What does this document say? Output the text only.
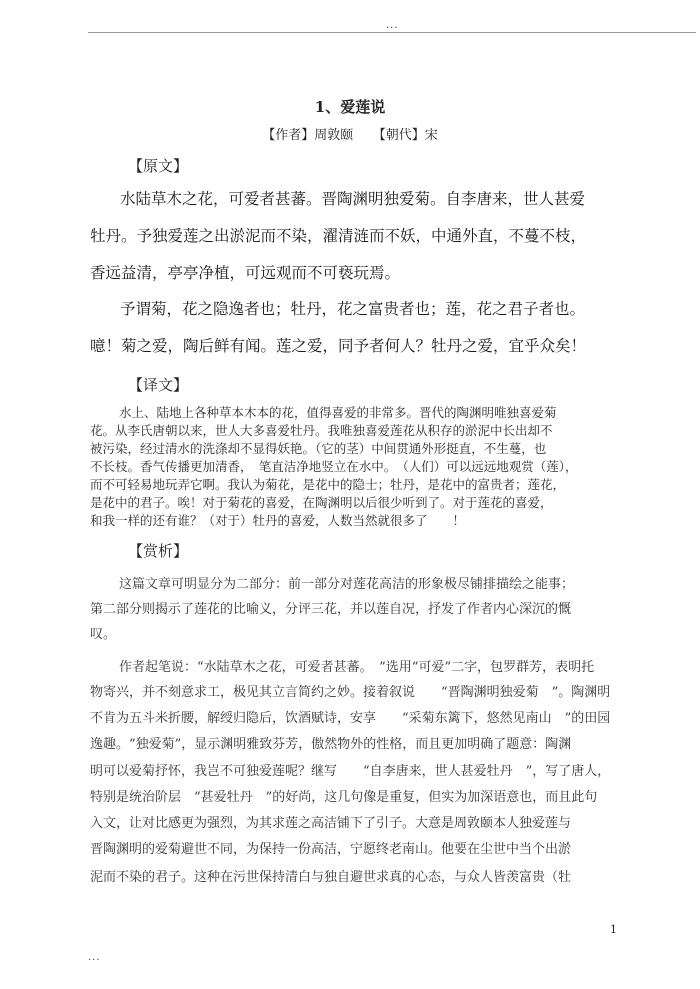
...
1、爱莲说
【作者】周敦颐　　【朝代】宋
【原文】
水陆草木之花，可爱者甚蕃。晋陶渊明独爱菊。自李唐来，世人甚爱
牡丹。予独爱莲之出淤泥而不染，濯清涟而不妖，中通外直，不蔓不枝，
香远益清，亭亭净植，可远观而不可亵玩焉。
予谓菊，花之隐逸者也；牡丹，花之富贵者也；莲，花之君子者也。
噫！菊之爱，陶后鲜有闻。莲之爱，同予者何人？牡丹之爱，宜乎众矣！
【译文】
水上、陆地上各种草本木本的花，值得喜爱的非常多。晋代的陶渊明唯独喜爱菊
花。从李氏唐朝以来，世人大多喜爱牡丹。我唯独喜爱莲花从积存的淤泥中长出却不
被污染，经过清水的洗涤却不显得妖艳。（它的茎）中间贯通外形挺直，不生蔓，也
不长枝。香气传播更加清香，　笔直洁净地竖立在水中。　（人们）可以远远地观赏（莲），
而不可轻易地玩弄它啊。我认为菊花，是花中的隐士；牡丹，是花中的富贵者；莲花，
是花中的君子。唉！对于菊花的喜爱，在陶渊明以后很少听到了。对于莲花的喜爱，
和我一样的还有谁？（对于）牡丹的喜爱，人数当然就很多了　　！
【赏析】
这篇文章可明显分为二部分：前一部分对莲花高洁的形象极尽铺排描绘之能事；
第二部分则揭示了莲花的比喻义，分评三花，并以莲自况，抒发了作者内心深沉的慨
叹。
作者起笔说：“水陆草木之花，可爱者甚蕃。　”选用“可爱”二字，包罗群芳，表明托
物寄兴，并不刻意求工，极见其立言简约之妙。接着叙说　　“晋陶渊明独爱菊　”。陶渊明
不肯为五斗米折腰，解绶归隐后，饮酒赋诗，安享　　“采菊东篱下，悠然见南山　”的田园
逸趣。“独爱菊”，显示渊明雅致芬芳，傲然物外的性格，而且更加明确了题意：陶渊
明可以爱菊抒怀，我岂不可独爱莲呢？继写　　“自李唐来，世人甚爱牡丹　”，写了唐人，
特别是统治阶层　“甚爱牡丹　”的好尚，这几句像是重复，但实为加深语意也，而且此句
入文，让对比感更为强烈，为其求莲之高洁铺下了引子。大意是周敦颐本人独爱莲与
晋陶渊明的爱菊避世不同，为保持一份高洁，宁愿终老南山。他要在尘世中当个出淤
泥而不染的君子。这种在污世保持清白与独自避世求真的心态，与众人皆羡富贵（牡
1
...
